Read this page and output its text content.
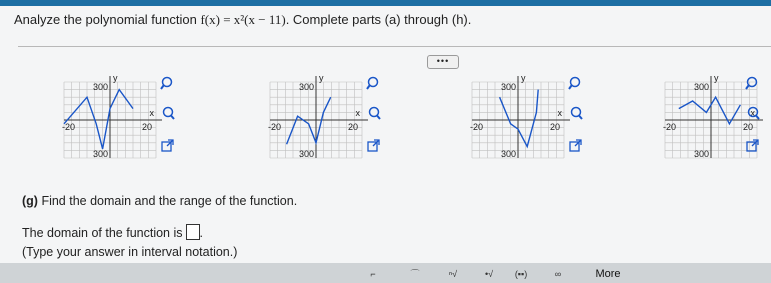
Analyze the polynomial function f(x) = x²(x − 11). Complete parts (a) through (h).
•••
300
300
-20	20
x
y
300
300
-20	20
x
y
300
300
-20	20
x
y
300
300
-20	20
x
y
(g) Find the domain and the range of the function.
The domain of the function is .
(Type your answer in interval notation.)
⌐	⌒	ⁿ√	•√	(▪▪)	∞	More
